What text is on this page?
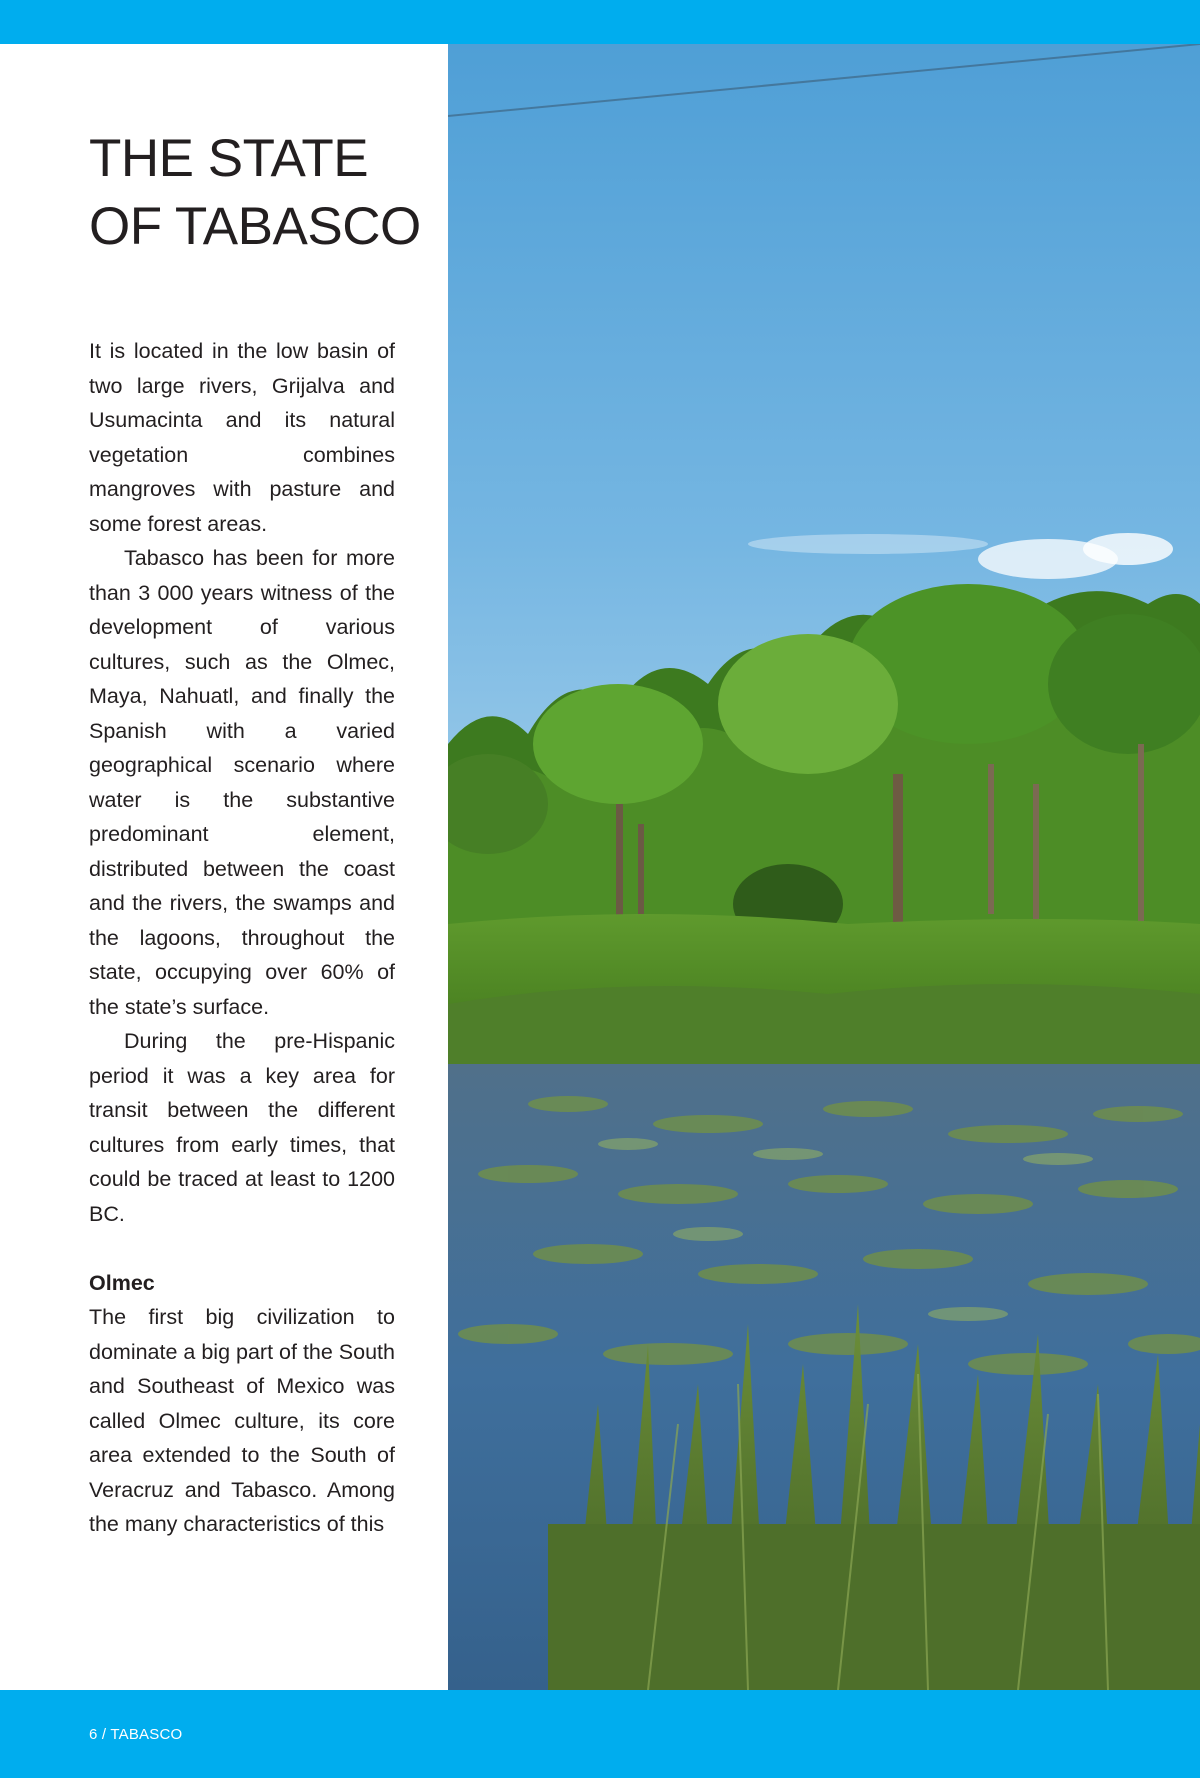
THE STATE
OF TABASCO

It is located in the low basin of two large rivers, Grijalva and Usumacinta and its natural vegetation combines mangroves with pasture and some forest areas.

Tabasco has been for more than 3 000 years witness of the development of various cultures, such as the Olmec, Maya, Nahuatl, and finally the Spanish with a varied geographical scenario where water is the substantive predominant element, distributed between the coast and the rivers, the swamps and the lagoons, throughout the state, occupying over 60% of the state’s surface.

During the pre-Hispanic period it was a key area for transit between the different cultures from early times, that could be traced at least to 1200 BC.

Olmec

The first big civilization to dominate a big part of the South and Southeast of Mexico was called Olmec culture, its core area extended to the South of Veracruz and Tabasco. Among the many characteristics of this

6 / TABASCO
